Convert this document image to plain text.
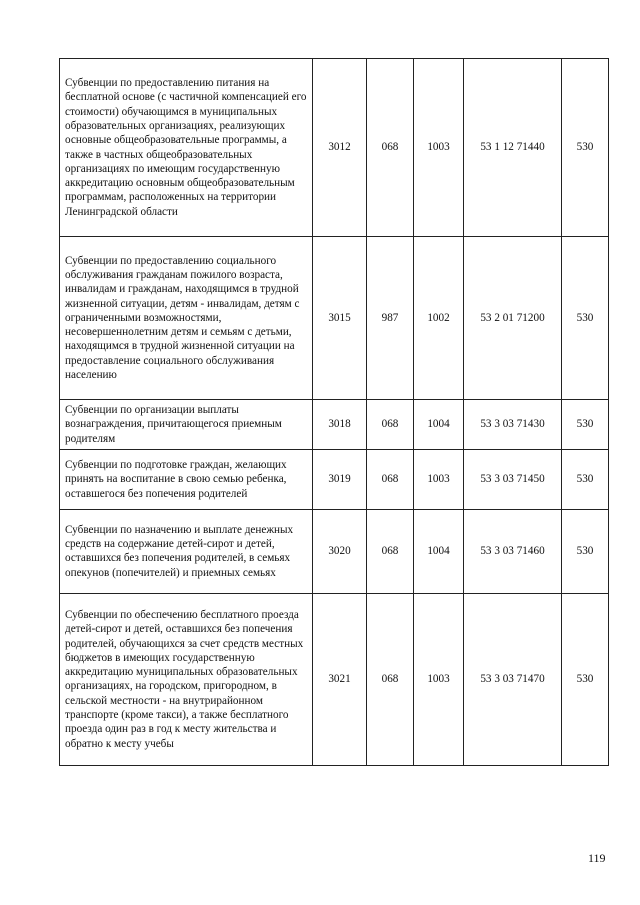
Субвенции по предоставлению питания на бесплатной основе (с частичной компенсацией его стоимости) обучающимся в муниципальных образовательных организациях, реализующих основные общеобразовательные программы, а также в частных общеобразовательных организациях по имеющим государственную аккредитацию основным общеобразовательным программам, расположенных на территории Ленинградской области	3012	068	1003	53 1 12 71440	530
Субвенции по предоставлению социального обслуживания гражданам пожилого возраста, инвалидам и гражданам, находящимся в трудной жизненной ситуации, детям - инвалидам, детям с ограниченными возможностями, несовершеннолетним детям и семьям с детьми, находящимся в трудной жизненной ситуации на предоставление социального обслуживания населению	3015	987	1002	53 2 01 71200	530
Субвенции по организации выплаты вознаграждения, причитающегося приемным родителям	3018	068	1004	53 3 03 71430	530
Субвенции по подготовке граждан, желающих принять на воспитание в свою семью ребенка, оставшегося без попечения родителей	3019	068	1003	53 3 03 71450	530
Субвенции по назначению и выплате денежных средств на содержание детей-сирот и детей, оставшихся без попечения родителей, в семьях опекунов (попечителей) и приемных семьях	3020	068	1004	53 3 03 71460	530
Субвенции по обеспечению бесплатного проезда детей-сирот и детей, оставшихся без попечения родителей, обучающихся за счет средств местных бюджетов в имеющих государственную аккредитацию муниципальных образовательных организациях, на городском, пригородном, в сельской местности - на внутрирайонном транспорте (кроме такси), а также бесплатного проезда один раз в год к месту жительства и обратно к месту учебы	3021	068	1003	53 3 03 71470	530
119
